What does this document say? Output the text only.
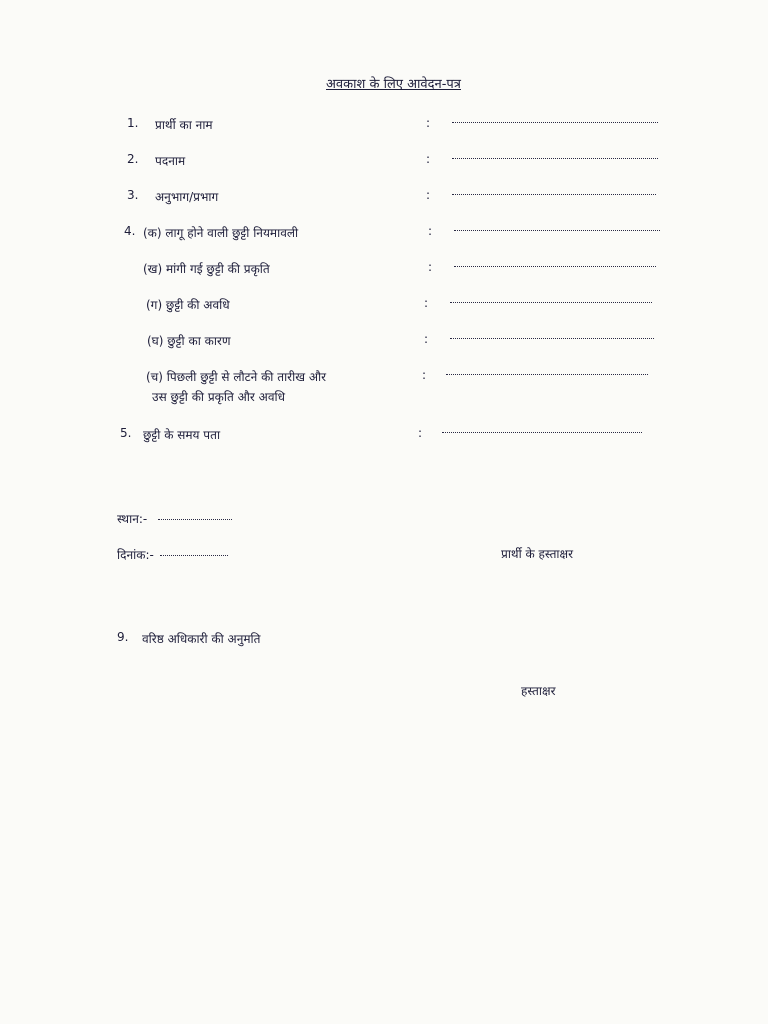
अवकाश के लिए आवेदन-पत्र
1. प्रार्थी का नाम	:
2. पदनाम	:
3. अनुभाग/प्रभाग	:
4. (क) लागू होने वाली छुट्टी नियमावली	:
(ख) मांगी गई छुट्टी की प्रकृति	:
(ग) छुट्टी की अवधि	:
(घ) छुट्टी का कारण	:
(च) पिछली छुट्टी से लौटने की तारीख और
उस छुट्टी की प्रकृति और अवधि
:
5. छुट्टी के समय पता	:
स्थान:-
दिनांक:-	प्रार्थी के हस्ताक्षर
9. वरिष्ठ अधिकारी की अनुमति
हस्ताक्षर
